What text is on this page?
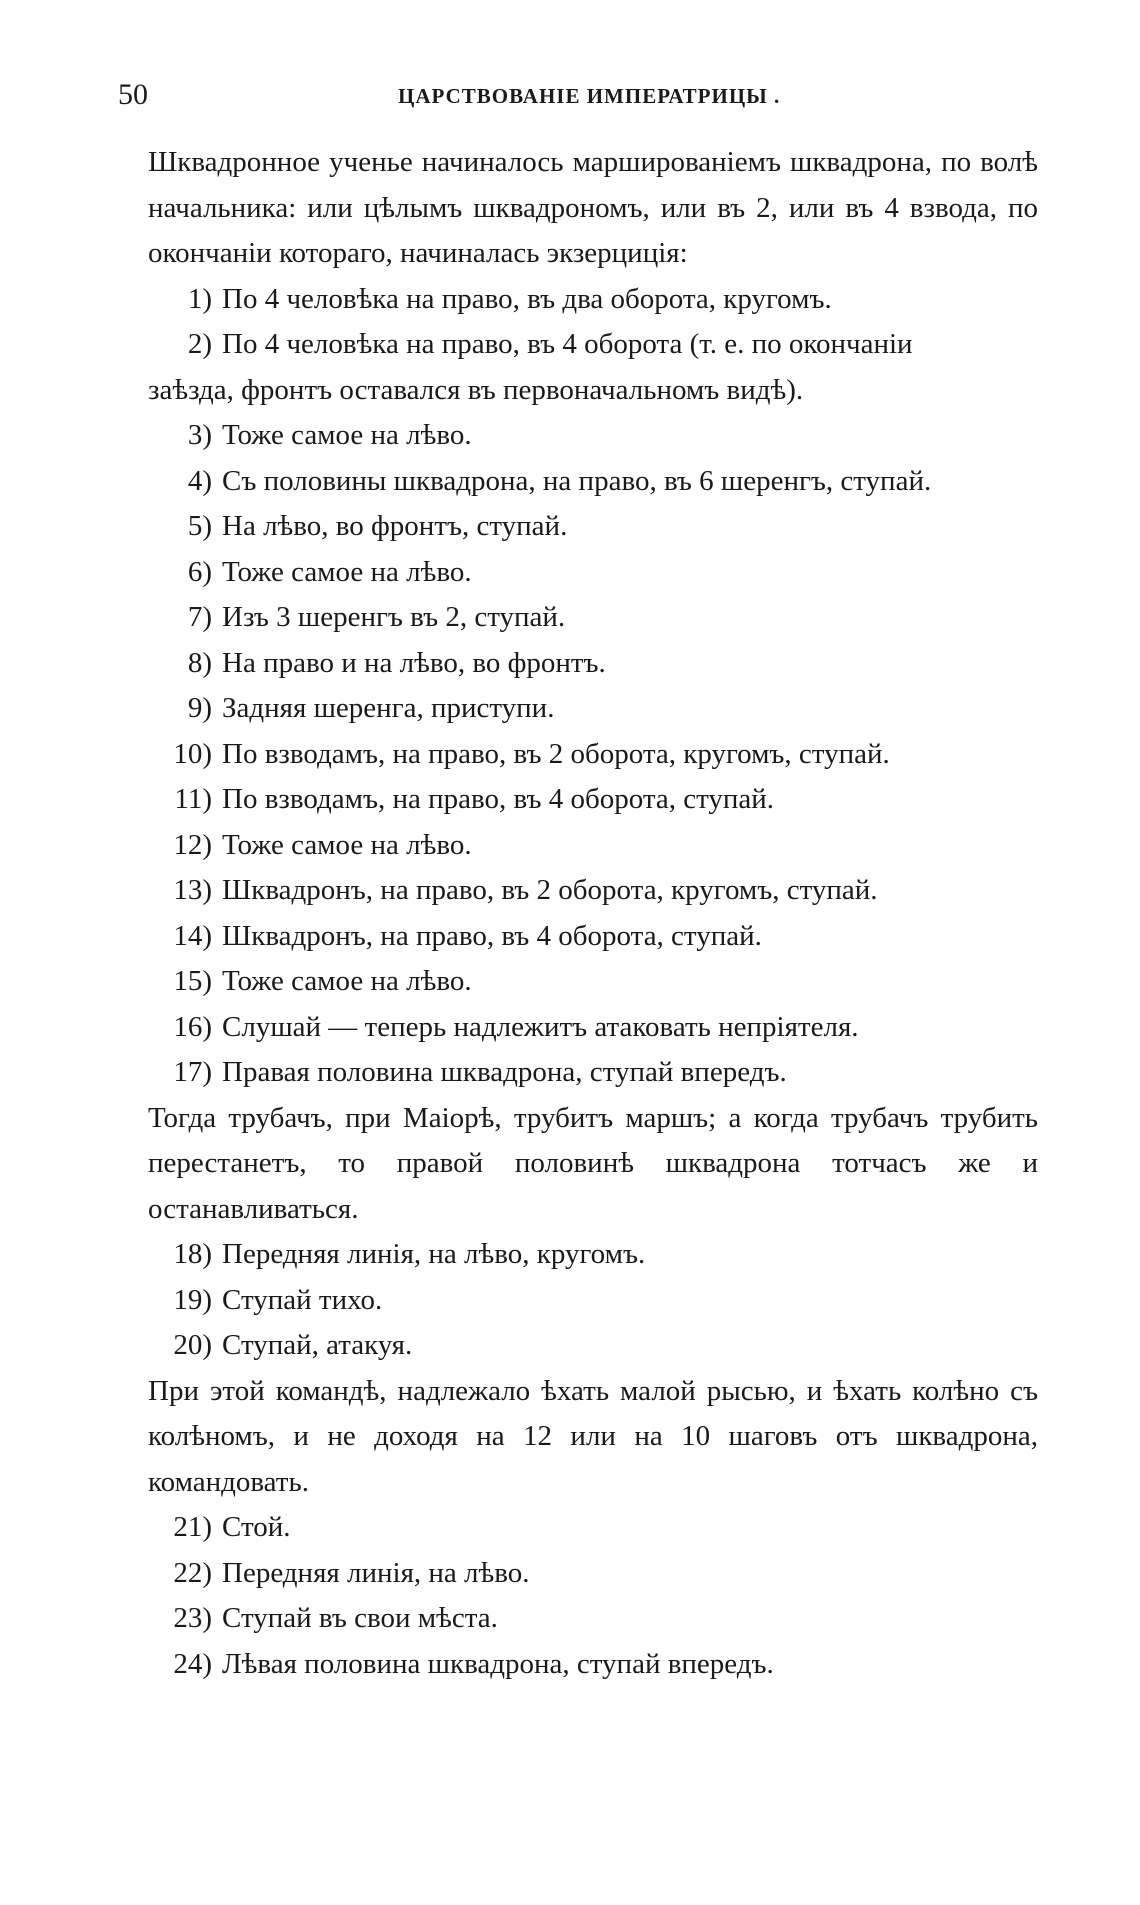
50	ЦАРСТВОВАНІЕ ИМПЕРАТРИЦЫ .

Шквадронное ученье начиналось маршированіемъ шквадрона, по волѣ начальника: или цѣлымъ шквадрономъ, или въ 2, или въ 4 взвода, по окончаніи котораго, начиналась экзерциція:

1) По 4 человѣка на право, въ два оборота, кругомъ.
2) По 4 человѣка на право, въ 4 оборота (т. е. по окончаніи
заѣзда, фронтъ оставался въ первоначальномъ видѣ).
3) Тоже самое на лѣво.
4) Съ половины шквадрона, на право, въ 6 шеренгъ, ступай.
5) На лѣво, во фронтъ, ступай.
6) Тоже самое на лѣво.
7) Изъ 3 шеренгъ въ 2, ступай.
8) На право и на лѣво, во фронтъ.
9) Задняя шеренга, приступи.
10) По взводамъ, на право, въ 2 оборота, кругомъ, ступай.
11) По взводамъ, на право, въ 4 оборота, ступай.
12) Тоже самое на лѣво.
13) Шквадронъ, на право, въ 2 оборота, кругомъ, ступай.
14) Шквадронъ, на право, въ 4 оборота, ступай.
15) Тоже самое на лѣво.
16) Слушай — теперь надлежитъ атаковать непріятеля.
17) Правая половина шквадрона, ступай впередъ.

Тогда трубачъ, при Маіорѣ, трубитъ маршъ; а когда трубачъ трубить перестанетъ, то правой половинѣ шквадрона тотчасъ же и останавливаться.

18) Передняя линія, на лѣво, кругомъ.
19) Ступай тихо.
20) Ступай, атакуя.

При этой командѣ, надлежало ѣхать малой рысью, и ѣхать колѣно съ колѣномъ, и не доходя на 12 или на 10 шаговъ отъ шквадрона, командовать.

21) Стой.
22) Передняя линія, на лѣво.
23) Ступай въ свои мѣста.
24) Лѣвая половина шквадрона, ступай впередъ.
